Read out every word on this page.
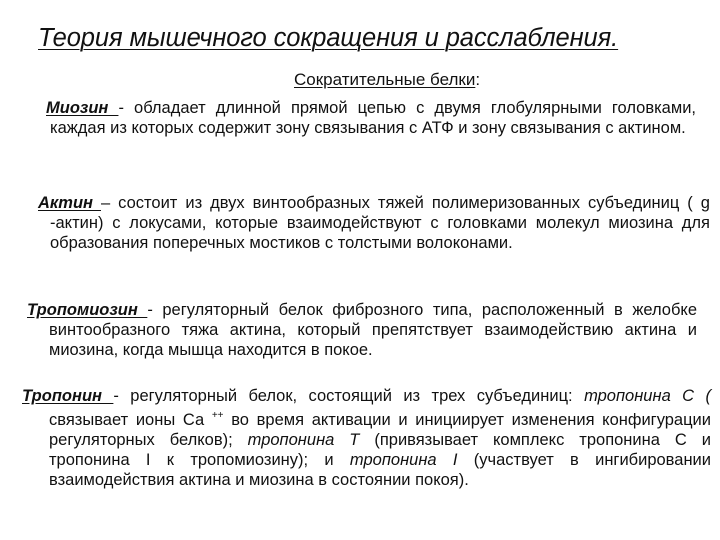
Теория мышечного сокращения и расслабления.
Сократительные белки:
Миозин - обладает длинной прямой цепью с двумя глобулярными головками, каждая из которых содержит зону связывания с АТФ и зону связывания с актином.
Актин – состоит из двух винтообразных тяжей полимеризованных субъединиц ( g -актин) с локусами, которые взаимодействуют с головками молекул миозина для образования поперечных мостиков с толстыми волоконами.
Тропомиозин - регуляторный белок фиброзного типа, расположенный в желобке винтообразного тяжа актина, который препятствует взаимодействию актина и миозина, когда мышца находится в покое.
Тропонин - регуляторный белок, состоящий из трех субъединиц: тропонина С ( связывает ионы Са ++ во время активации и инициирует изменения конфигурации регуляторных белков); тропонина Т (привязывает комплекс тропонина С и тропонина I к тропомиозину); и тропонина I (участвует в ингибировании взаимодействия актина и миозина в состоянии покоя).
